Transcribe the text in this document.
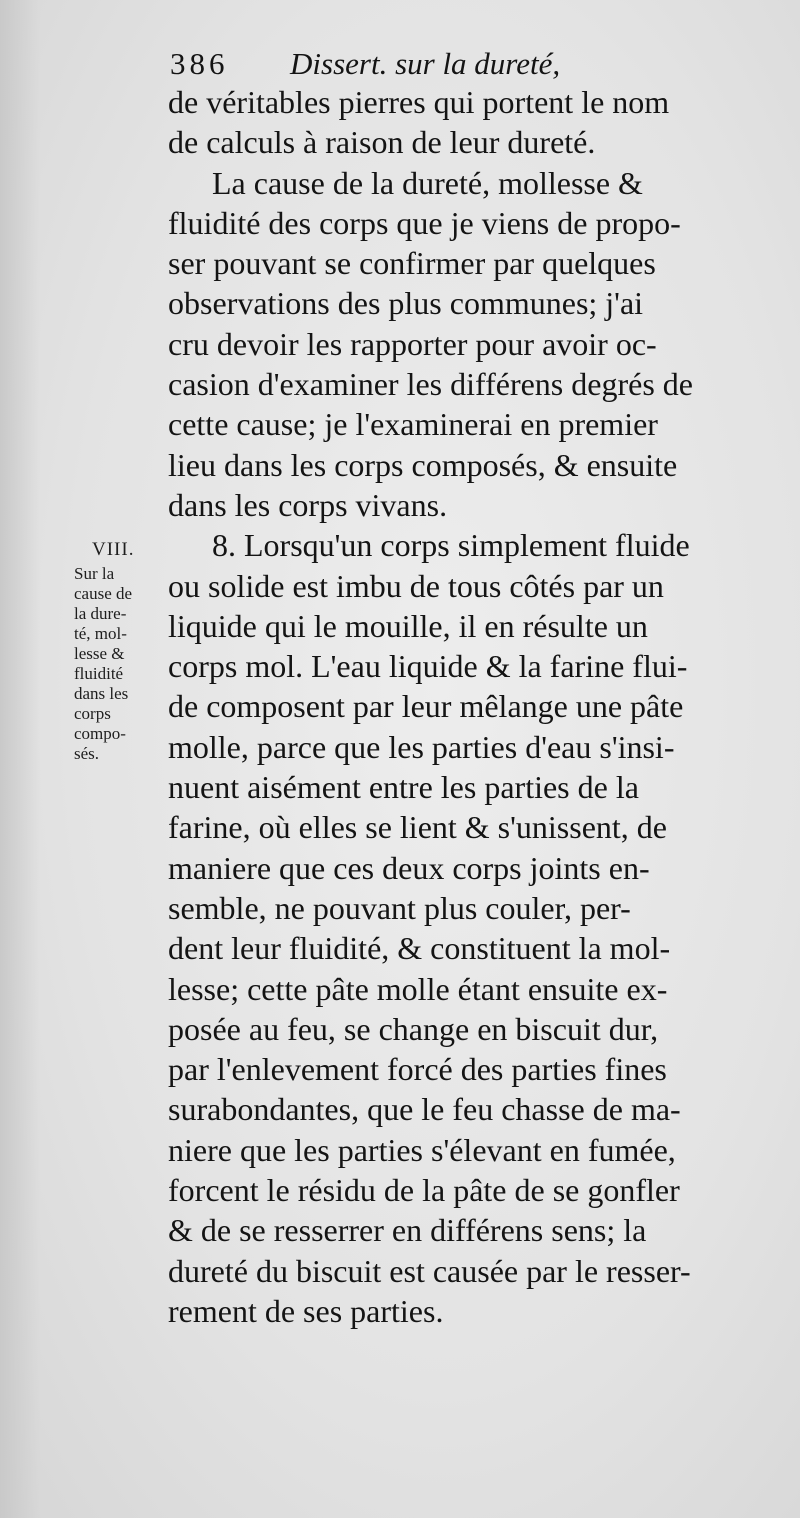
386 Dissert. sur la dureté,
VIII.
Sur la
cause de
la dure-
té, mol-
lesse &
fluidité
dans les
corps
compo-
sés.
de véritables pierres qui portent le nom
de calculs à raison de leur dureté.
La cause de la dureté, mollesse &
fluidité des corps que je viens de propo-
ser pouvant se confirmer par quelques
observations des plus communes; j'ai
cru devoir les rapporter pour avoir oc-
casion d'examiner les différens degrés de
cette cause; je l'examinerai en premier
lieu dans les corps composés, & ensuite
dans les corps vivans.
8. Lorsqu'un corps simplement fluide
ou solide est imbu de tous côtés par un
liquide qui le mouille, il en résulte un
corps mol. L'eau liquide & la farine flui-
de composent par leur mêlange une pâte
molle, parce que les parties d'eau s'insi-
nuent aisément entre les parties de la
farine, où elles se lient & s'unissent, de
maniere que ces deux corps joints en-
semble, ne pouvant plus couler, per-
dent leur fluidité, & constituent la mol-
lesse; cette pâte molle étant ensuite ex-
posée au feu, se change en biscuit dur,
par l'enlevement forcé des parties fines
surabondantes, que le feu chasse de ma-
niere que les parties s'élevant en fumée,
forcent le résidu de la pâte de se gonfler
& de se resserrer en différens sens; la
dureté du biscuit est causée par le resser-
rement de ses parties.
